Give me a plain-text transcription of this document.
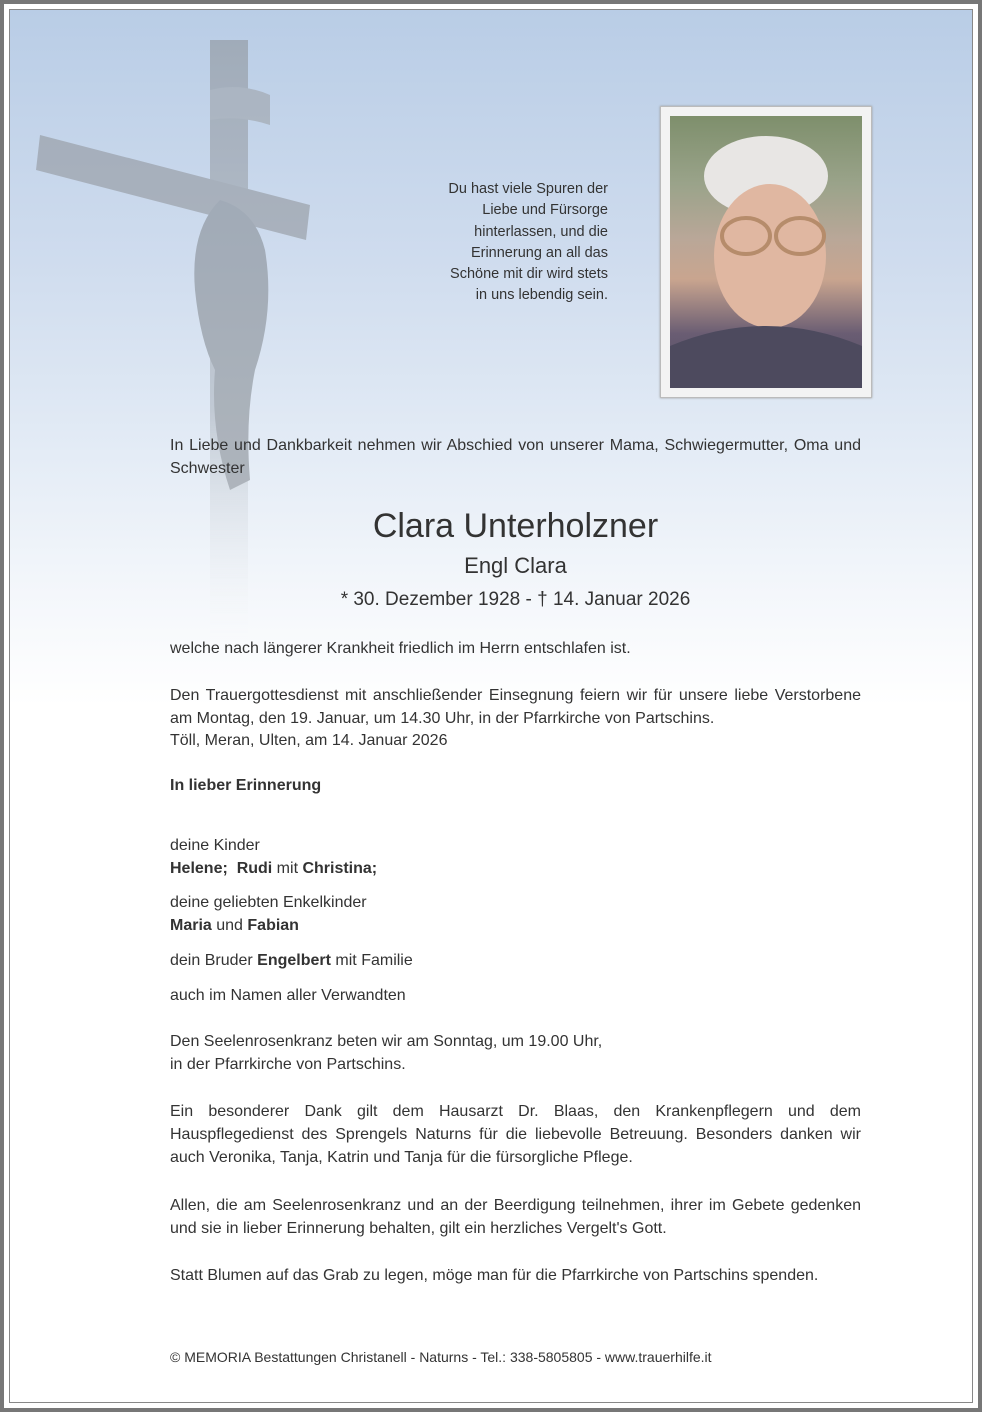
Du hast viele Spuren der
Liebe und Fürsorge
hinterlassen, und die
Erinnerung an all das
Schöne mit dir wird stets
in uns lebendig sein.
In Liebe und Dankbarkeit nehmen wir Abschied von unserer Mama, Schwiegermutter, Oma und Schwester
Clara Unterholzner
Engl Clara
* 30. Dezember 1928 - † 14. Januar 2026
welche nach längerer Krankheit friedlich im Herrn entschlafen ist.
Den Trauergottesdienst mit anschließender Einsegnung feiern wir für unsere liebe Verstorbene am Montag, den 19. Januar, um 14.30 Uhr, in der Pfarrkirche von Partschins.
Töll, Meran, Ulten, am 14. Januar 2026
In lieber Erinnerung
deine Kinder
Helene; Rudi mit Christina;
deine geliebten Enkelkinder
Maria und Fabian
dein Bruder Engelbert mit Familie
auch im Namen aller Verwandten
Den Seelenrosenkranz beten wir am Sonntag, um 19.00 Uhr,
in der Pfarrkirche von Partschins.
Ein besonderer Dank gilt dem Hausarzt Dr. Blaas, den Krankenpflegern und dem Hauspflegedienst des Sprengels Naturns für die liebevolle Betreuung. Besonders danken wir auch Veronika, Tanja, Katrin und Tanja für die fürsorgliche Pflege.
Allen, die am Seelenrosenkranz und an der Beerdigung teilnehmen, ihrer im Gebete gedenken und sie in lieber Erinnerung behalten, gilt ein herzliches Vergelt's Gott.
Statt Blumen auf das Grab zu legen, möge man für die Pfarrkirche von Partschins spenden.
© MEMORIA Bestattungen Christanell - Naturns - Tel.: 338-5805805 - www.trauerhilfe.it
